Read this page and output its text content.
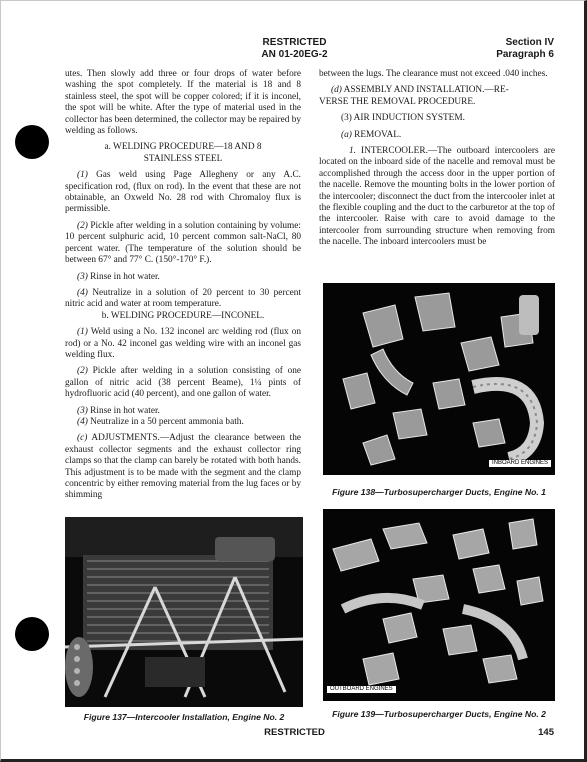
RESTRICTED
AN 01-20EG-2
Section IV
Paragraph 6

utes. Then slowly add three or four drops of water before washing the spot completely. If the material is 18 and 8 stainless steel, the spot will be copper colored; if it is inconel, the spot will be white. After the type of material used in the collector has been determined, the collector may be repaired by welding as follows.

a. WELDING PROCEDURE—18 AND 8
STAINLESS STEEL

(1) Gas weld using Page Allegheny or any A.C. specification rod, (flux on rod). In the event that these are not obtainable, an Oxweld No. 28 rod with Chromaloy flux is permissible.

(2) Pickle after welding in a solution containing by volume: 10 percent sulphuric acid, 10 percent common salt-NaCl, 80 percent water. (The temperature of the solution should be between 67° and 77° C. (150°-170° F.).

(3) Rinse in hot water.

(4) Neutralize in a solution of 20 percent to 30 percent nitric acid and water at room temperature.

b. WELDING PROCEDURE—INCONEL.

(1) Weld using a No. 132 inconel arc welding rod (flux on rod) or a No. 42 inconel gas welding wire with an inconel gas welding flux.

(2) Pickle after welding in a solution consisting of one gallon of nitric acid (38 percent Beame), 1¼ pints of hydrofluoric acid (40 percent), and one gallon of water.

(3) Rinse in hot water.

(4) Neutralize in a 50 percent ammonia bath.

(c) ADJUSTMENTS.—Adjust the clearance between the exhaust collector segments and the exhaust collector ring clamps so that the clamp can barely be rotated with both hands. This adjustment is to be made with the segment and the clamp concentric by either removing material from the lug faces or by shimming

between the lugs. The clearance must not exceed .040 inches.

(d) ASSEMBLY AND INSTALLATION.—RE-
VERSE THE REMOVAL PROCEDURE.

(3) AIR INDUCTION SYSTEM.

(a) REMOVAL.

1. INTERCOOLER.—The outboard intercoolers are located on the inboard side of the nacelle and removal must be accomplished through the access door in the upper portion of the nacelle. Remove the mounting bolts in the lower portion of the intercooler; disconnect the duct from the intercooler inlet at the flexible coupling and the duct to the carburetor at the top of the intercooler. Raise with care to avoid damage to the intercooler from surrounding structure when removing from the nacelle. The inboard intercoolers must be

Figure 137—Intercooler Installation, Engine No. 2
INBOARD ENGINES
Figure 138—Turbosupercharger Ducts, Engine No. 1
OUTBOARD ENGINES
Figure 139—Turbosupercharger Ducts, Engine No. 2
RESTRICTED	145
